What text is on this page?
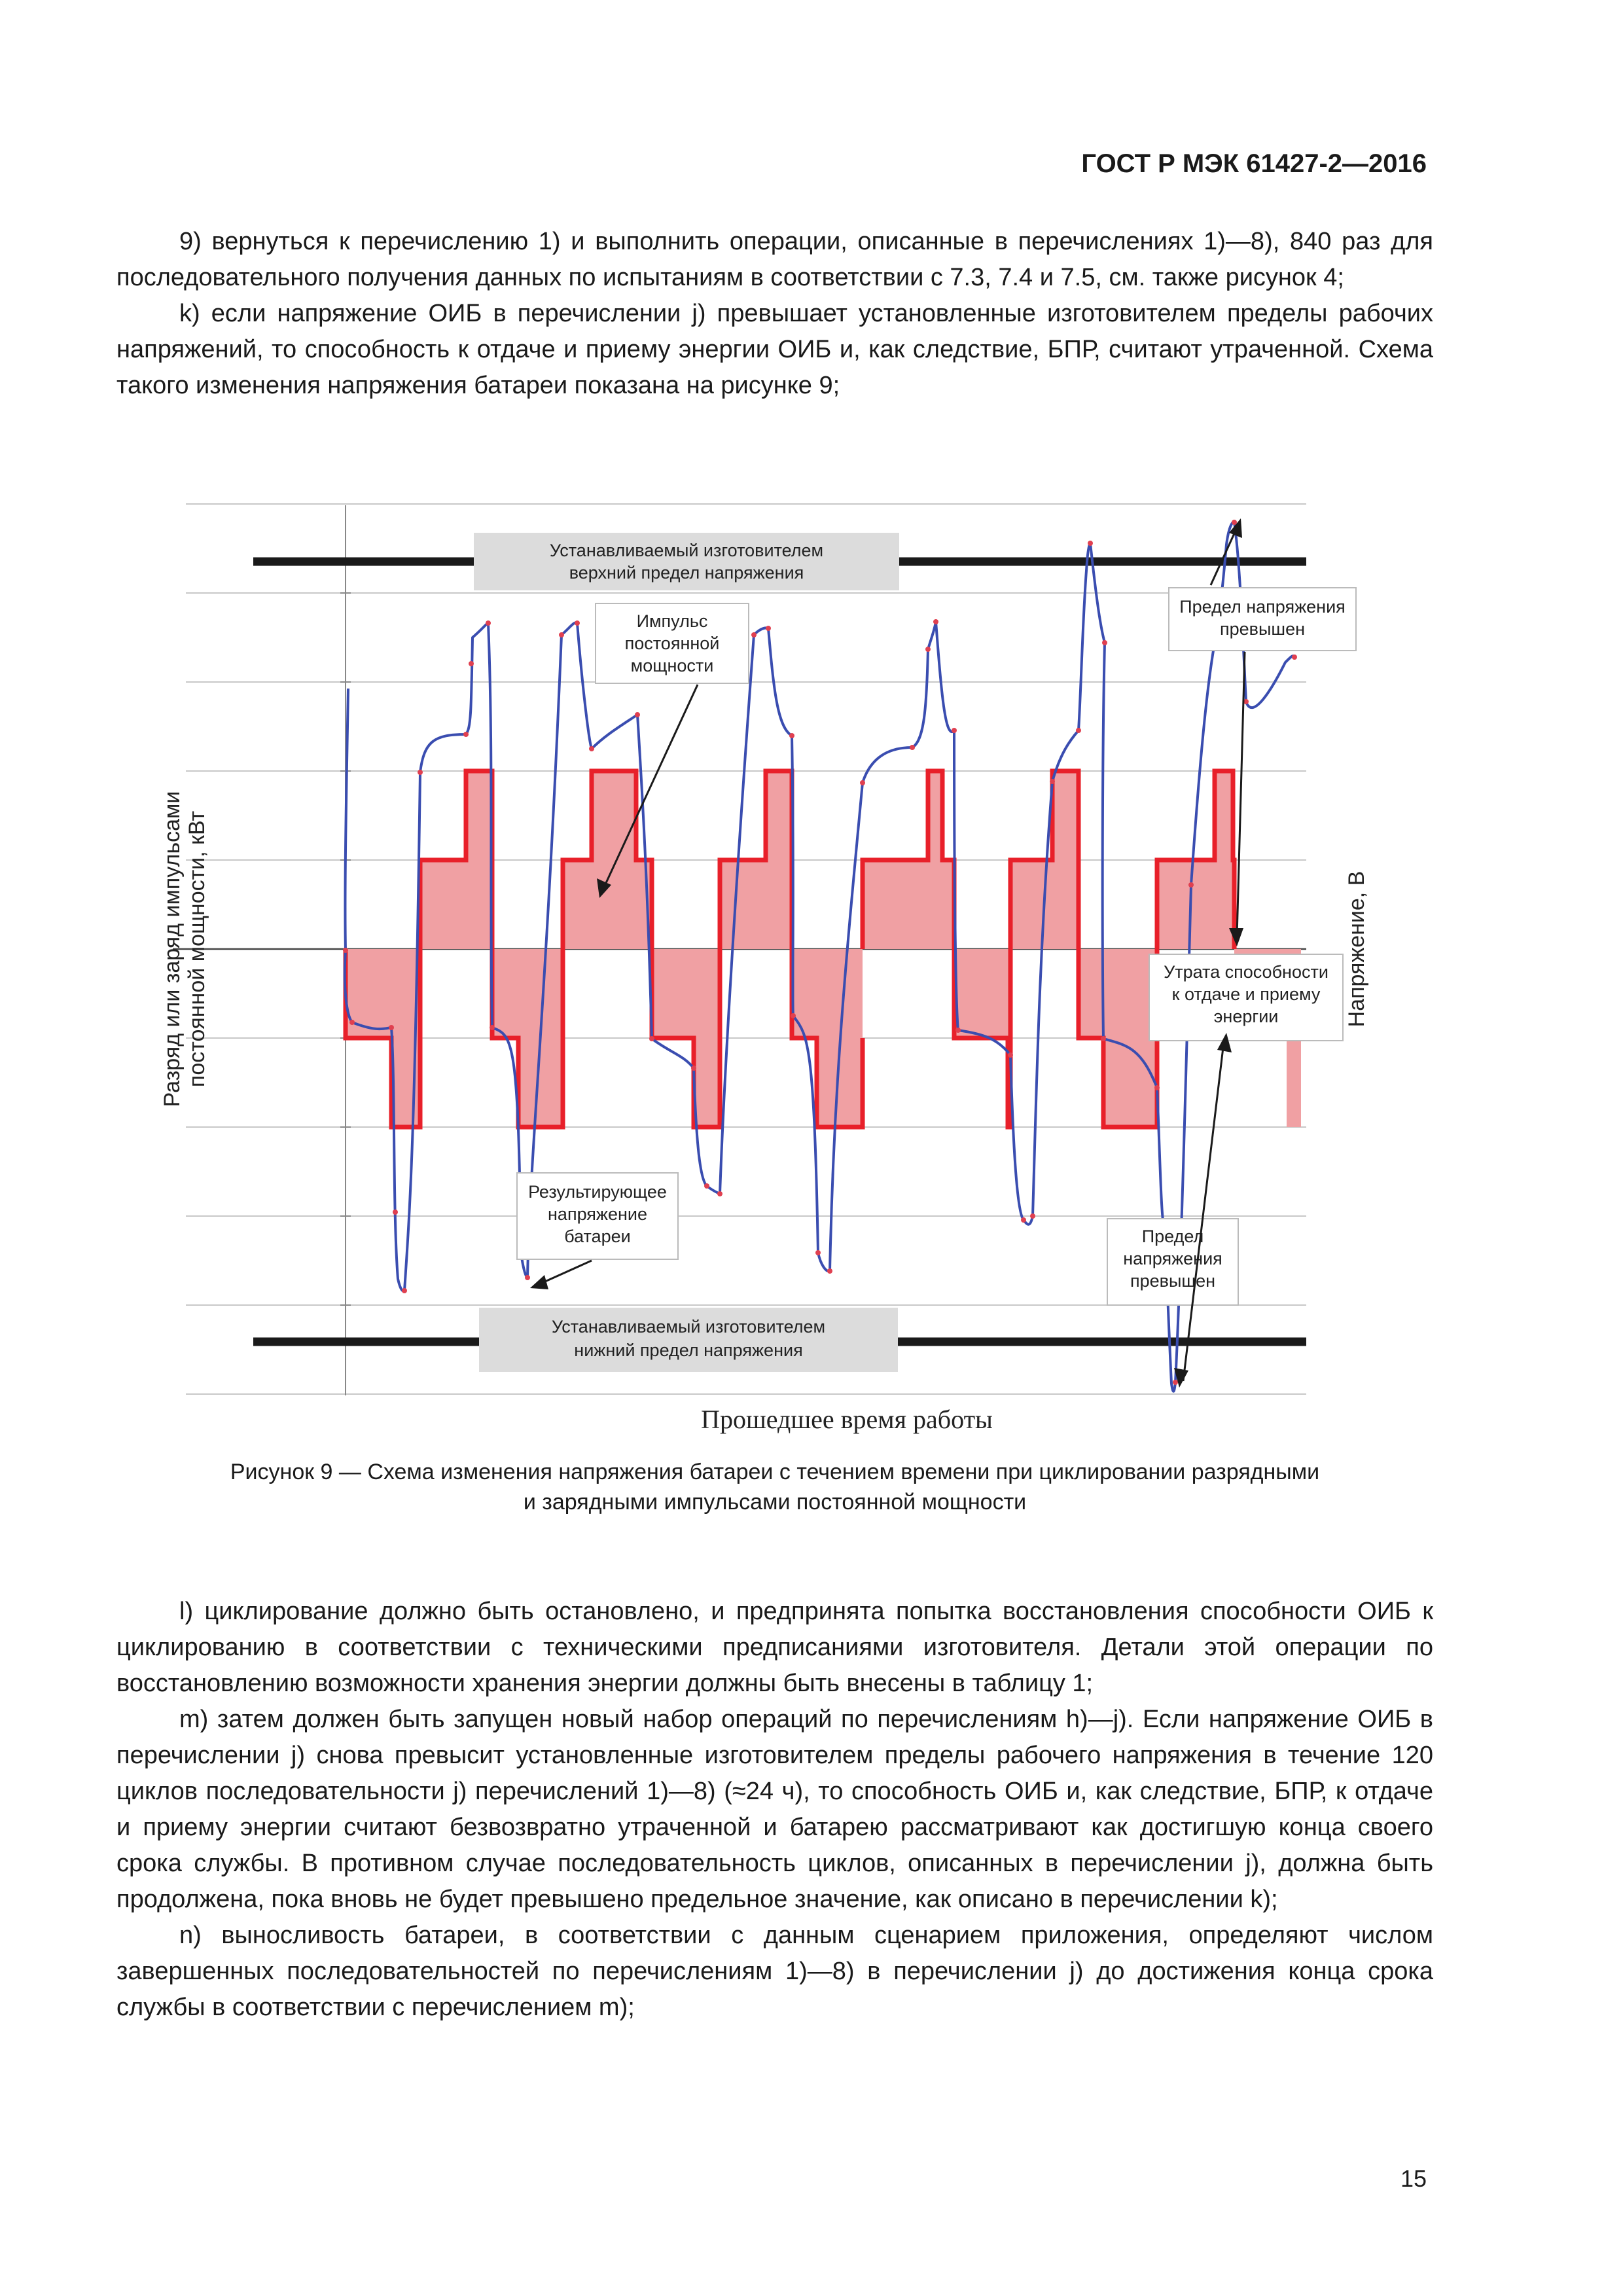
ГОСТ Р МЭК 61427-2—2016

9) вернуться к перечислению 1) и выполнить операции, описанные в перечислениях 1)—8), 840 раз для последовательного получения данных по испытаниям в соответствии с 7.3, 7.4 и 7.5, см. также рисунок 4;

k) если напряжение ОИБ в перечислении j) превышает установленные изготовителем пределы рабочих напряжений, то способность к отдаче и приему энергии ОИБ и, как следствие, БПР, считают утраченной. Схема такого изменения напряжения батареи показана на рисунке 9;

Устанавливаемый изготовителем
верхний предел напряжения
Устанавливаемый изготовителем
нижний предел напряжения
Импульс
постоянной
мощности
Результирующее
напряжение
батареи
Предел напряжения
превышен
Утрата способности
к отдаче и приему
энергии
Предел
напряжения
превышен
Разряд или заряд импульсами постоянной мощности, кВт	Напряжение, В
Прошедшее время работы
Рисунок 9 — Схема изменения напряжения батареи с течением времени при циклировании разрядными
и зарядными импульсами постоянной мощности

l) циклирование должно быть остановлено, и предпринята попытка восстановления способности ОИБ к циклированию в соответствии с техническими предписаниями изготовителя. Детали этой операции по восстановлению возможности хранения энергии должны быть внесены в таблицу 1;

m) затем должен быть запущен новый набор операций по перечислениям h)—j). Если напряжение ОИБ в перечислении j) снова превысит установленные изготовителем пределы рабочего напряжения в течение 120 циклов последовательности j) перечислений 1)—8) (≈24 ч), то способность ОИБ и, как следствие, БПР, к отдаче и приему энергии считают безвозвратно утраченной и батарею рассматривают как достигшую конца своего срока службы. В противном случае последовательность циклов, описанных в перечислении j), должна быть продолжена, пока вновь не будет превышено предельное значение, как описано в перечислении k);

n) выносливость батареи, в соответствии с данным сценарием приложения, определяют числом завершенных последовательностей по перечислениям 1)—8) в перечислении j) до достижения конца срока службы в соответствии с перечислением m);

15
